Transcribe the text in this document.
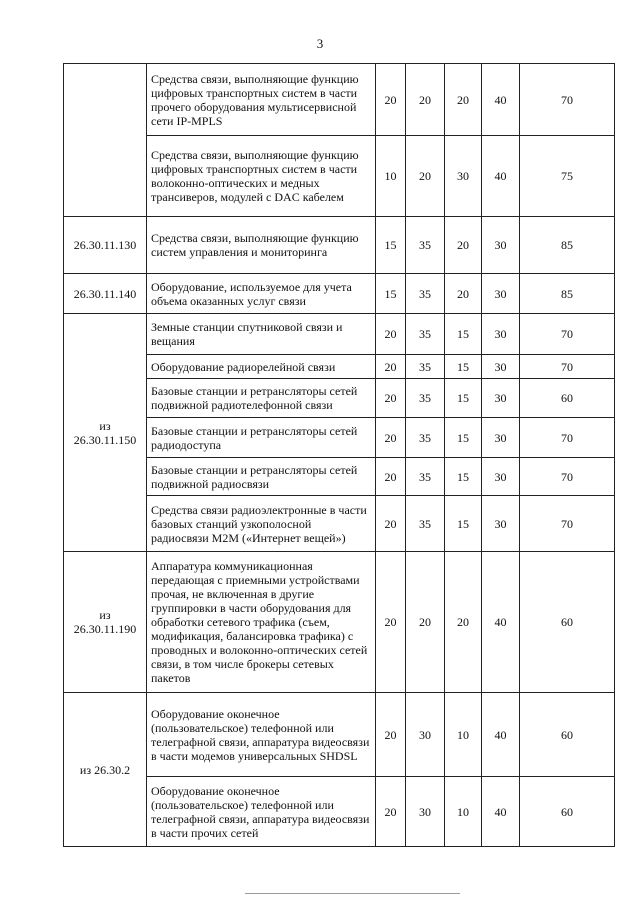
3
	Средства связи, выполняющие функцию цифровых транспортных систем в части прочего оборудования мультисервисной сети IP-MPLS	20	20	20	40	70
	Средства связи, выполняющие функцию цифровых транспортных систем в части волоконно-оптических и медных трансиверов, модулей с DAC кабелем	10	20	30	40	75
26.30.11.130	Средства связи, выполняющие функцию систем управления и мониторинга	15	35	20	30	85
26.30.11.140	Оборудование, используемое для учета объема оказанных услуг связи	15	35	20	30	85
из 26.30.11.150	Земные станции спутниковой связи и вещания	20	35	15	30	70
	Оборудование радиорелейной связи	20	35	15	30	70
	Базовые станции и ретрансляторы сетей подвижной радиотелефонной связи	20	35	15	30	60
	Базовые станции и ретрансляторы сетей радиодоступа	20	35	15	30	70
	Базовые станции и ретрансляторы сетей подвижной радиосвязи	20	35	15	30	70
	Средства связи радиоэлектронные в части базовых станций узкополосной радиосвязи M2M («Интернет вещей»)	20	35	15	30	70
из 26.30.11.190	Аппаратура коммуникационная передающая с приемными устройствами прочая, не включенная в другие группировки в части оборудования для обработки сетевого трафика (съем, модификация, балансировка трафика) с проводных и волоконно-оптических сетей связи, в том числе брокеры сетевых пакетов	20	20	20	40	60
из 26.30.2	Оборудование оконечное (пользовательское) телефонной или телеграфной связи, аппаратура видеосвязи в части модемов универсальных SHDSL	20	30	10	40	60
	Оборудование оконечное (пользовательское) телефонной или телеграфной связи, аппаратура видеосвязи в части прочих сетей	20	30	10	40	60
